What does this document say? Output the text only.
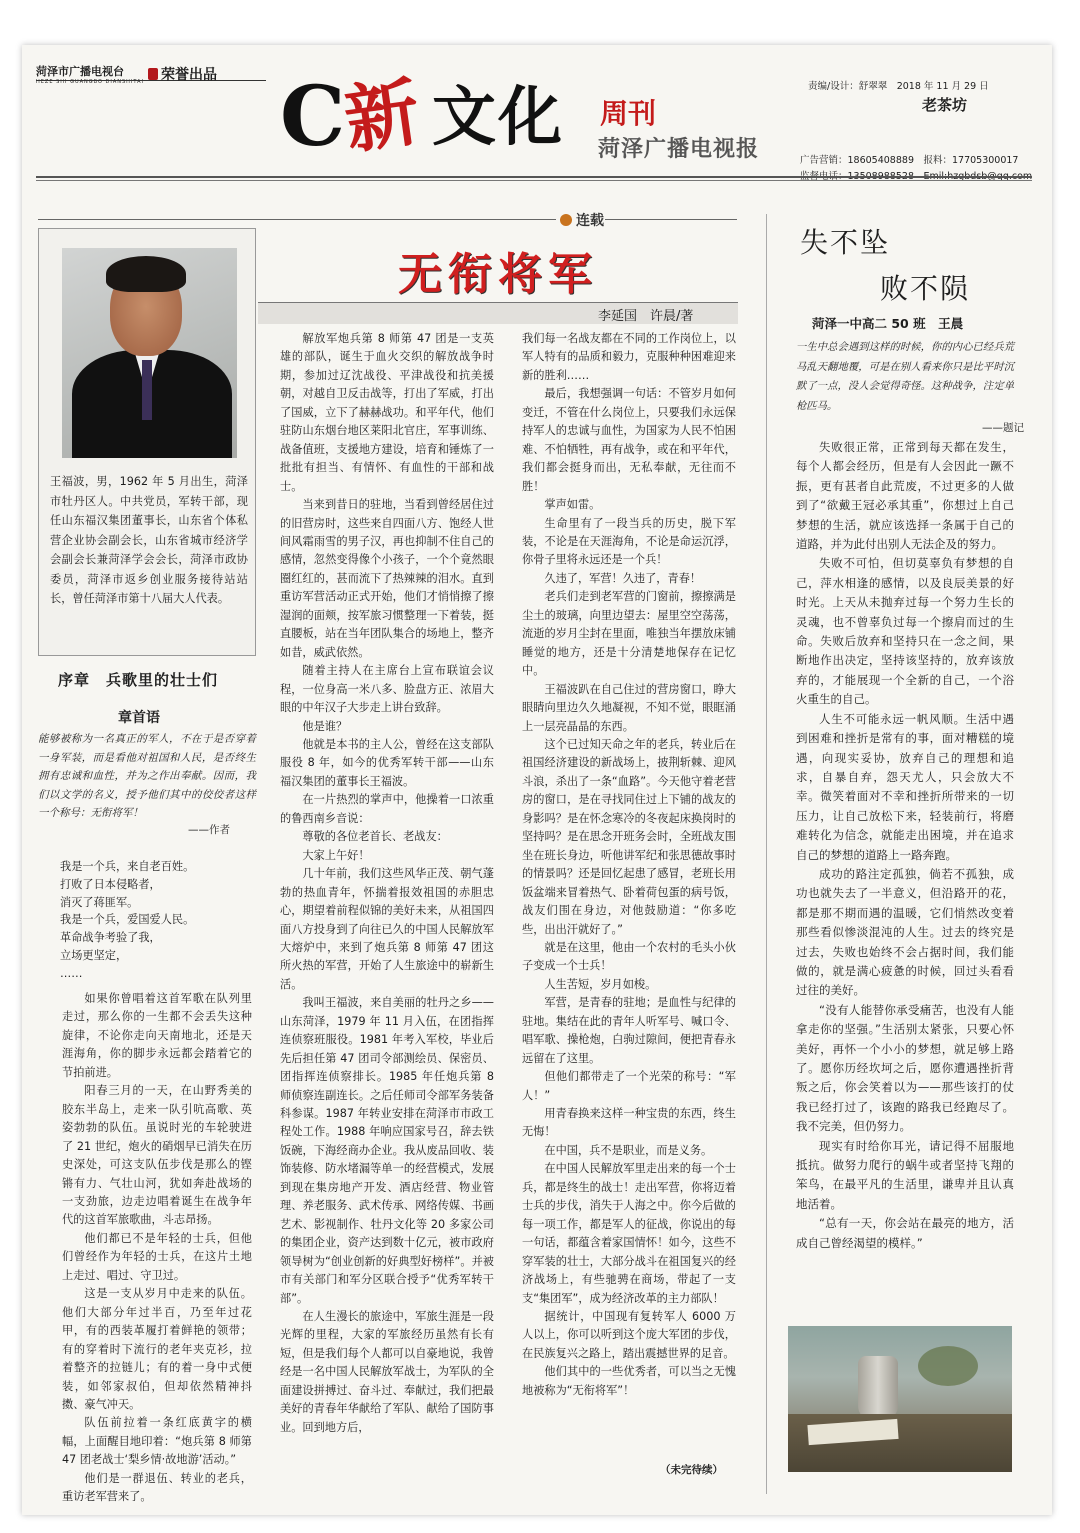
菏泽市广播电视台
HEZE SHI GUANGBO DIANSHITAI	荣誉出品 C
新 文化 周刊
菏泽广播电视报
责编/设计：舒翠翠　2018 年 11 月 29 日
老茶坊
广告营销：18605408889　报料：17705300017
监督电话：13508988528　Emil:hzgbdsb@qq.com
连载
无衔将军
李延国　许晨/著
王福波，男，1962 年 5 月出生，菏泽市牡丹区人。中共党员，军转干部，现任山东福汉集团董事长，山东省个体私营企业协会副会长，山东省城市经济学会副会长兼菏泽学会会长，菏泽市政协委员，菏泽市返乡创业服务接待站站长，曾任菏泽市第十八届大人代表。
序章　兵歌里的壮士们
章首语
能够被称为一名真正的军人，不在于是否穿着一身军装，而是看他对祖国和人民，是否终生拥有忠诚和血性，并为之作出奉献。因而，我们以文学的名义，授予他们其中的佼佼者这样一个称号：无衔将军！
——作者
我是一个兵，来自老百姓。
打败了日本侵略者，
消灭了蒋匪军。
我是一个兵，爱国爱人民。
革命战争考验了我，
立场更坚定，
……

如果你曾唱着这首军歌在队列里走过，那么你的一生都不会丢失这种旋律，不论你走向天南地北，还是天涯海角，你的脚步永远都会踏着它的节拍前进。

阳春三月的一天，在山野秀美的胶东半岛上，走来一队引吭高歌、英姿勃勃的队伍。虽说时光的车轮驶进了 21 世纪，炮火的硝烟早已消失在历史深处，可这支队伍步伐是那么的铿锵有力、气壮山河，犹如奔赴战场的一支劲旅，边走边唱着诞生在战争年代的这首军旅歌曲，斗志昂扬。

他们都已不是年轻的士兵，但他们曾经作为年轻的士兵，在这片土地上走过、唱过、守卫过。

这是一支从岁月中走来的队伍。他们大部分年过半百，乃至年过花甲，有的西装革履打着鲜艳的领带；有的穿着时下流行的老年夹克衫，拉着整齐的拉链儿；有的着一身中式便装，如邻家叔伯，但却依然精神抖擞、豪气冲天。

队伍前拉着一条红底黄字的横幅，上面醒目地印着：“炮兵第 8 师第 47 团老战士‘梨乡情·故地游’活动。”

他们是一群退伍、转业的老兵，重访老军营来了。

解放军炮兵第 8 师第 47 团是一支英雄的部队，诞生于血火交织的解放战争时期，参加过辽沈战役、平津战役和抗美援朝，对越自卫反击战等，打出了军威，打出了国威，立下了赫赫战功。和平年代，他们驻防山东烟台地区莱阳北官庄，军事训练、战备值班，支援地方建设，培育和锤炼了一批批有担当、有情怀、有血性的干部和战士。

当来到昔日的驻地，当看到曾经居住过的旧营房时，这些来自四面八方、饱经人世间风霜雨雪的男子汉，再也抑制不住自己的感情，忽然变得像个小孩子，一个个竟然眼圈红红的，甚而流下了热辣辣的泪水。直到重访军营活动正式开始，他们才悄悄擦了擦湿润的面颊，按军旅习惯整理一下着装，挺直腰板，站在当年团队集合的场地上，整齐如昔，威武依然。

随着主持人在主席台上宣布联谊会议程，一位身高一米八多、脸盘方正、浓眉大眼的中年汉子大步走上讲台致辞。

他是谁？

他就是本书的主人公，曾经在这支部队服役 8 年，如今的优秀军转干部——山东福汉集团的董事长王福波。

在一片热烈的掌声中，他操着一口浓重的鲁西南乡音说：

尊敬的各位老首长、老战友：

大家上午好！

几十年前，我们这些风华正茂、朝气蓬勃的热血青年，怀揣着报效祖国的赤胆忠心，期望着前程似锦的美好未来，从祖国四面八方投身到了向往已久的中国人民解放军大熔炉中，来到了炮兵第 8 师第 47 团这所火热的军营，开始了人生旅途中的崭新生活。

我叫王福波，来自美丽的牡丹之乡——山东菏泽，1979 年 11 月入伍，在团指挥连侦察班服役。1981 年考入军校，毕业后先后担任第 47 团司令部测绘员、保密员、团指挥连侦察排长。1985 年任炮兵第 8 师侦察连副连长。之后任师司令部军务装备科参谋。1987 年转业安排在菏泽市市政工程处工作。1988 年响应国家号召，辞去铁饭碗，下海经商办企业。我从废品回收、装饰装修、防水堵漏等单一的经营模式，发展到现在集房地产开发、酒店经营、物业管理、养老服务、武术传承、网络传媒、书画艺术、影视制作、牡丹文化等 20 多家公司的集团企业，资产达到数十亿元，被市政府领导树为“创业创新的好典型好榜样”。并被市有关部门和军分区联合授予“优秀军转干部”。

在人生漫长的旅途中，军旅生涯是一段光辉的里程，大家的军旅经历虽然有长有短，但是我们每个人都可以自豪地说，我曾经是一名中国人民解放军战士，为军队的全面建设拼搏过、奋斗过、奉献过，我们把最美好的青春年华献给了军队、献给了国防事业。回到地方后，

我们每一名战友都在不同的工作岗位上，以军人特有的品质和毅力，克服种种困难迎来新的胜利……

最后，我想强调一句话：不管岁月如何变迁，不管在什么岗位上，只要我们永远保持军人的忠诚与血性，为国家为人民不怕困难、不怕牺牲，再有战争，或在和平年代，我们都会挺身而出，无私奉献，无往而不胜！

掌声如雷。

生命里有了一段当兵的历史，脱下军装，不论是在天涯海角，不论是命运沉浮，你骨子里将永远还是一个兵！

久违了，军营！久违了，青春！

老兵们走到老军营的门窗前，擦擦满是尘土的玻璃，向里边望去：屋里空空荡荡，流逝的岁月尘封在里面，唯独当年摆放床铺睡觉的地方，还是十分清楚地保存在记忆中。

王福波趴在自己住过的营房窗口，睁大眼睛向里边久久地凝视，不知不觉，眼眶涌上一层亮晶晶的东西。

这个已过知天命之年的老兵，转业后在祖国经济建设的新战场上，披荆斩棘、迎风斗浪，杀出了一条“血路”。今天他守着老营房的窗口，是在寻找同住过上下铺的战友的身影吗？是在怀念寒冷的冬夜起床换岗时的坚持吗？是在思念开班务会时，全班战友围坐在班长身边，听他讲军纪和张思德故事时的情景吗？还是回忆起患了感冒，老班长用饭盆端来冒着热气、卧着荷包蛋的病号饭，战友们围在身边，对他鼓励道：“你多吃些，出出汗就好了。”

就是在这里，他由一个农村的毛头小伙子变成一个士兵！

人生苦短，岁月如梭。

军营，是青春的驻地；是血性与纪律的驻地。集结在此的青年人听军号、喊口令、唱军歌、操枪炮，白驹过隙间，便把青春永远留在了这里。

但他们都带走了一个光荣的称号：“军人！”

用青春换来这样一种宝贵的东西，终生无悔！

在中国，兵不是职业，而是义务。

在中国人民解放军里走出来的每一个士兵，都是终生的战士！走出军营，你将迈着士兵的步伐，消失于人海之中。你今后做的每一项工作，都是军人的征战，你说出的每一句话，都蕴含着家国情怀！如今，这些不穿军装的壮士，大部分战斗在祖国复兴的经济战场上，有些驰骋在商场，带起了一支支“集团军”，成为经济改革的主力部队！

据统计，中国现有复转军人 6000 万人以上，你可以听到这个庞大军团的步伐，在民族复兴之路上，踏出震撼世界的足音。

他们其中的一些优秀者，可以当之无愧地被称为“无衔将军”！

（未完待续）
失不坠
败不陨
菏泽一中高二 50 班　王晨
一生中总会遇到这样的时候，你的内心已经兵荒马乱天翻地覆，可是在别人看来你只是比平时沉默了一点，没人会觉得奇怪。这种战争，注定单枪匹马。
——题记

失败很正常，正常到每天都在发生，每个人都会经历，但是有人会因此一蹶不振，更有甚者自此荒废，不过更多的人做到了“欲戴王冠必承其重”，你想过上自己梦想的生活，就应该选择一条属于自己的道路，并为此付出别人无法企及的努力。

失败不可怕，但切莫辜负有梦想的自己，萍水相逢的感情，以及良辰美景的好时光。上天从未抛弃过每一个努力生长的灵魂，也不曾辜负过每一个擦肩而过的生命。失败后放弃和坚持只在一念之间，果断地作出决定，坚持该坚持的，放弃该放弃的，才能展现一个全新的自己，一个浴火重生的自己。

人生不可能永远一帆风顺。生活中遇到困难和挫折是常有的事，面对糟糕的境遇，向现实妥协，放弃自己的理想和追求，自暴自弃，怨天尤人，只会放大不幸。微笑着面对不幸和挫折所带来的一切压力，让自己放松下来，轻装前行，将磨难转化为信念，就能走出困境，并在追求自己的梦想的道路上一路奔跑。

成功的路注定孤独，倘若不孤独，成功也就失去了一半意义，但沿路开的花，都是那不期而遇的温暖，它们悄然改变着那些看似惨淡混沌的人生。过去的终究是过去，失败也始终不会占据时间，我们能做的，就是满心疲惫的时候，回过头看看过往的美好。

“没有人能替你承受痛苦，也没有人能拿走你的坚强。”生活别太紧张，只要心怀美好，再怀一个小小的梦想，就足够上路了。愿你历经坎坷之后，愿你遭遇挫折背叛之后，你会笑着以为——那些该打的仗我已经打过了，该跑的路我已经跑尽了。我不完美，但仍努力。

现实有时给你耳光，请记得不屈服地抵抗。做努力爬行的蜗牛或者坚持飞翔的笨鸟，在最平凡的生活里，谦卑并且认真地活着。

“总有一天，你会站在最亮的地方，活成自己曾经渴望的模样。”
